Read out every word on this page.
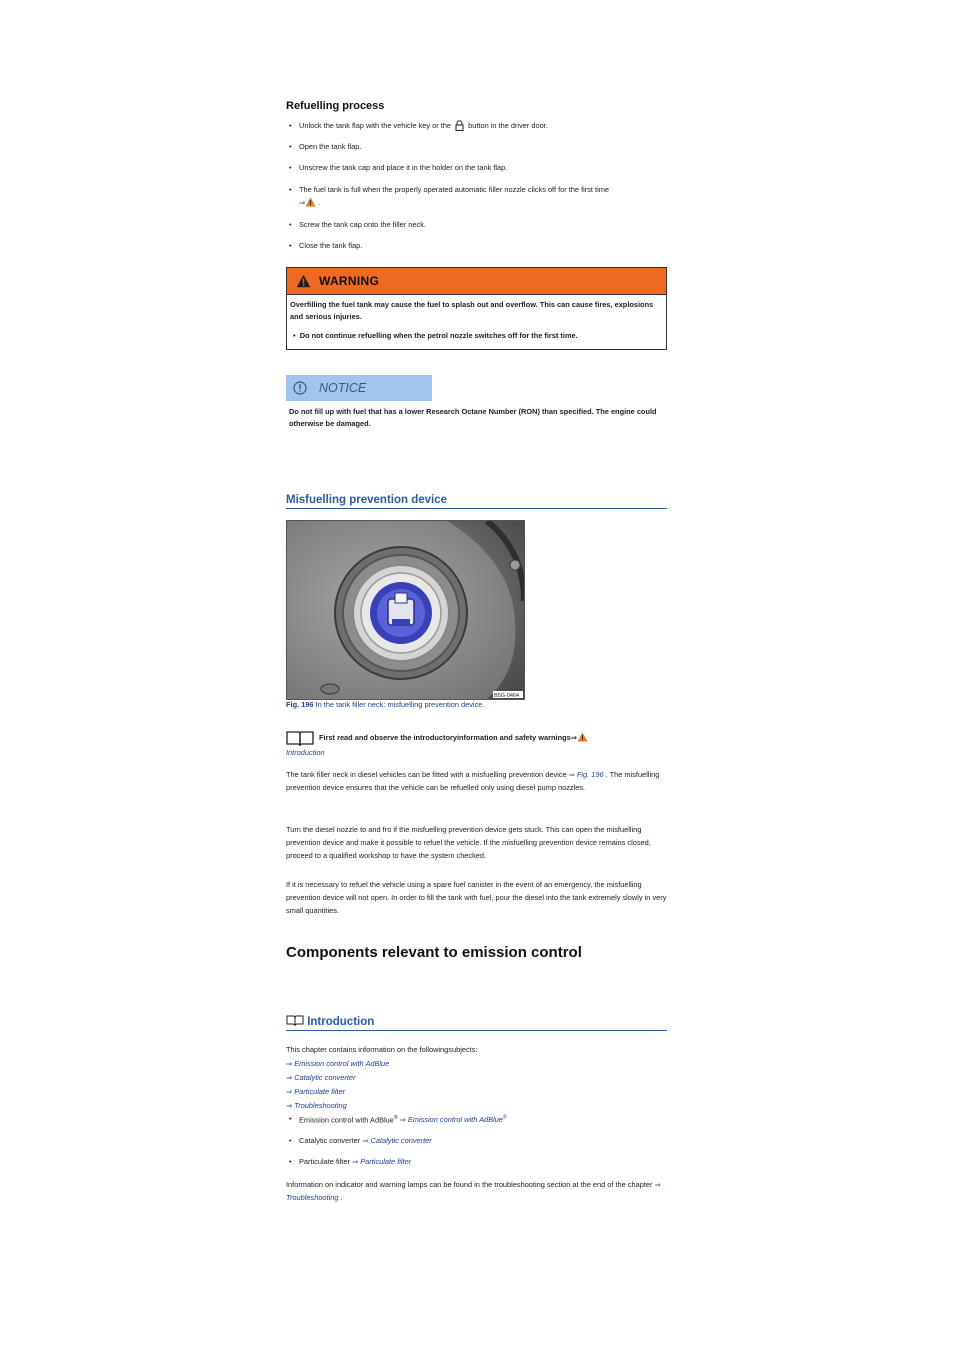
Refuelling process
• Unlock the tank flap with the vehicle key or the button in the driver door.
• Open the tank flap.
• Unscrew the tank cap and place it in the holder on the tank flap.
• The fuel tank is full when the properly operated automatic filler nozzle clicks off for the first time
⇒ .
• Screw the tank cap onto the filler neck.
• Close the tank flap.
WARNING
Overfilling the fuel tank may cause the fuel to splash out and overflow. This can cause fires, explosions and serious injuries.
•  Do not continue refuelling when the petrol nozzle switches off for the first time.
NOTICE
Do not fill up with fuel that has a lower Research Octane Number (RON) than specified. The engine could otherwise be damaged.
Misfuelling prevention device
B5G-0464
Fig. 196 In the tank filler neck: misfuelling prevention device.
First read and observe the introductoryinformation and safety warnings⇒
Introduction

The tank filler neck in diesel vehicles can be fitted with a misfuelling prevention device ⇒ Fig. 196 . The misfuelling prevention device ensures that the vehicle can be refuelled only using diesel pump nozzles.

Turn the diesel nozzle to and fro if the misfuelling prevention device gets stuck. This can open the misfuelling prevention device and make it possible to refuel the vehicle. If the misfuelling prevention device remains closed, proceed to a qualified workshop to have the system checked.

If it is necessary to refuel the vehicle using a spare fuel canister in the event of an emergency, the misfuelling prevention device will not open. In order to fill the tank with fuel, pour the diesel into the tank extremely slowly in very small quantities.

Components relevant to emission control
Introduction
This chapter contains information on the followingsubjects:
⇒ Emission control with AdBlue
⇒ Catalytic converter
⇒ Particulate filter
⇒ Troubleshooting
• Emission control with AdBlue® ⇒ Emission control with AdBlue®
• Catalytic converter ⇒ Catalytic converter
• Particulate filter ⇒ Particulate filter

Information on indicator and warning lamps can be found in the troubleshooting section at the end of the chapter ⇒ Troubleshooting .
